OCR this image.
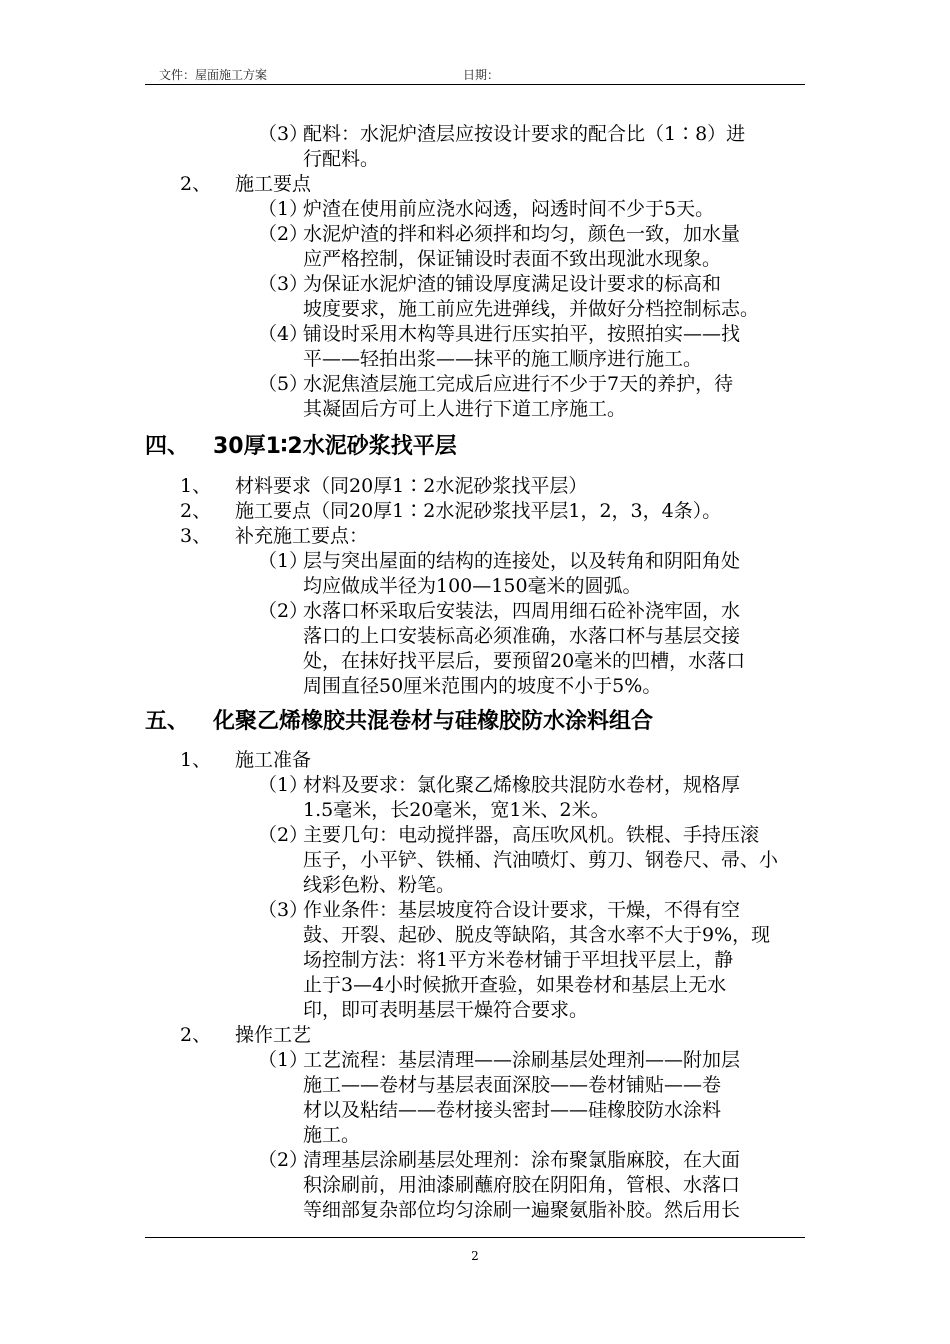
文件：屋面施工方案	日期：
（3）
配料：水泥炉渣层应按设计要求的配合比（1∶8）进
行配料。
2、 施工要点
（1）
炉渣在使用前应浇水闷透，闷透时间不少于5天。
（2）
水泥炉渣的拌和料必须拌和均匀，颜色一致，加水量
应严格控制，保证铺设时表面不致出现泚水现象。
（3）
为保证水泥炉渣的铺设厚度满足设计要求的标高和
坡度要求，施工前应先进弹线，并做好分档控制标志。
（4）
铺设时采用木构等具进行压实拍平，按照拍实——找
平——轻拍出浆——抹平的施工顺序进行施工。
（5）
水泥焦渣层施工完成后应进行不少于7天的养护，待
其凝固后方可上人进行下道工序施工。
四、 30厚1∶2水泥砂浆找平层
1、 材料要求（同20厚1∶2水泥砂浆找平层）
2、 施工要点（同20厚1∶2水泥砂浆找平层1，2，3，4条）。
3、 补充施工要点：
（1）
层与突出屋面的结构的连接处，以及转角和阴阳角处
均应做成半径为100—150毫米的圆弧。
（2）
水落口杯采取后安装法，四周用细石砼补浇牢固，水
落口的上口安装标高必须准确，水落口杯与基层交接
处，在抹好找平层后，要预留20毫米的凹槽，水落口
周围直径50厘米范围内的坡度不小于5%。
五、 化聚乙烯橡胶共混卷材与硅橡胶防水涂料组合
1、 施工准备
（1）
材料及要求：氯化聚乙烯橡胶共混防水卷材，规格厚
1.5毫米，长20毫米，宽1米、2米。
（2）
主要几句：电动搅拌器，高压吹风机。铁棍、手持压滚
压子，小平铲、铁桶、汽油喷灯、剪刀、钢卷尺、帚、小
线彩色粉、粉笔。
（3）
作业条件：基层坡度符合设计要求，干燥，不得有空
鼓、开裂、起砂、脱皮等缺陷，其含水率不大于9%，现
场控制方法：将1平方米卷材铺于平坦找平层上，静
止于3—4小时候掀开查验，如果卷材和基层上无水
印，即可表明基层干燥符合要求。
2、 操作工艺
（1）
工艺流程：基层清理——涂刷基层处理剂——附加层
施工——卷材与基层表面深胶——卷材铺贴——卷
材以及粘结——卷材接头密封——硅橡胶防水涂料
施工。
（2）
清理基层涂刷基层处理剂：涂布聚氯脂麻胶，在大面
积涂刷前，用油漆刷蘸府胶在阴阳角，管根、水落口
等细部复杂部位均匀涂刷一遍聚氨脂补胶。然后用长
2
